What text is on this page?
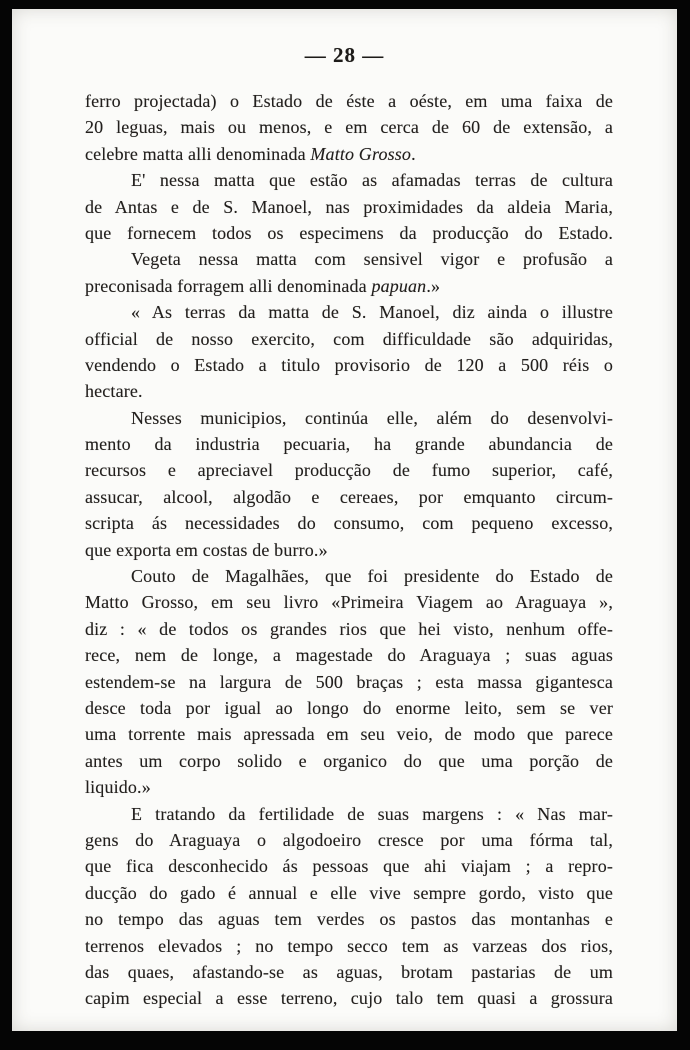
— 28 —
ferro projectada) o Estado de éste a oéste, em uma faixa de
20 leguas, mais ou menos, e em cerca de 60 de extensão, a
celebre matta alli denominada Matto Grosso.
E' nessa matta que estão as afamadas terras de cultura
de Antas e de S. Manoel, nas proximidades da aldeia Maria,
que fornecem todos os especimens da producção do Estado.
Vegeta nessa matta com sensivel vigor e profusão a
preconisada forragem alli denominada papuan.»
« As terras da matta de S. Manoel, diz ainda o illustre
official de nosso exercito, com difficuldade são adquiridas,
vendendo o Estado a titulo provisorio de 120 a 500 réis o
hectare.
Nesses municipios, continúa elle, além do desenvolvi-
mento da industria pecuaria, ha grande abundancia de
recursos e apreciavel producção de fumo superior, café,
assucar, alcool, algodão e cereaes, por emquanto circum-
scripta ás necessidades do consumo, com pequeno excesso,
que exporta em costas de burro.»
Couto de Magalhães, que foi presidente do Estado de
Matto Grosso, em seu livro «Primeira Viagem ao Araguaya »,
diz : « de todos os grandes rios que hei visto, nenhum offe-
rece, nem de longe, a magestade do Araguaya ; suas aguas
estendem-se na largura de 500 braças ; esta massa gigantesca
desce toda por igual ao longo do enorme leito, sem se ver
uma torrente mais apressada em seu veio, de modo que parece
antes um corpo solido e organico do que uma porção de
liquido.»
E tratando da fertilidade de suas margens : « Nas mar-
gens do Araguaya o algodoeiro cresce por uma fórma tal,
que fica desconhecido ás pessoas que ahi viajam ; a repro-
ducção do gado é annual e elle vive sempre gordo, visto que
no tempo das aguas tem verdes os pastos das montanhas e
terrenos elevados ; no tempo secco tem as varzeas dos rios,
das quaes, afastando-se as aguas, brotam pastarias de um
capim especial a esse terreno, cujo talo tem quasi a grossura
